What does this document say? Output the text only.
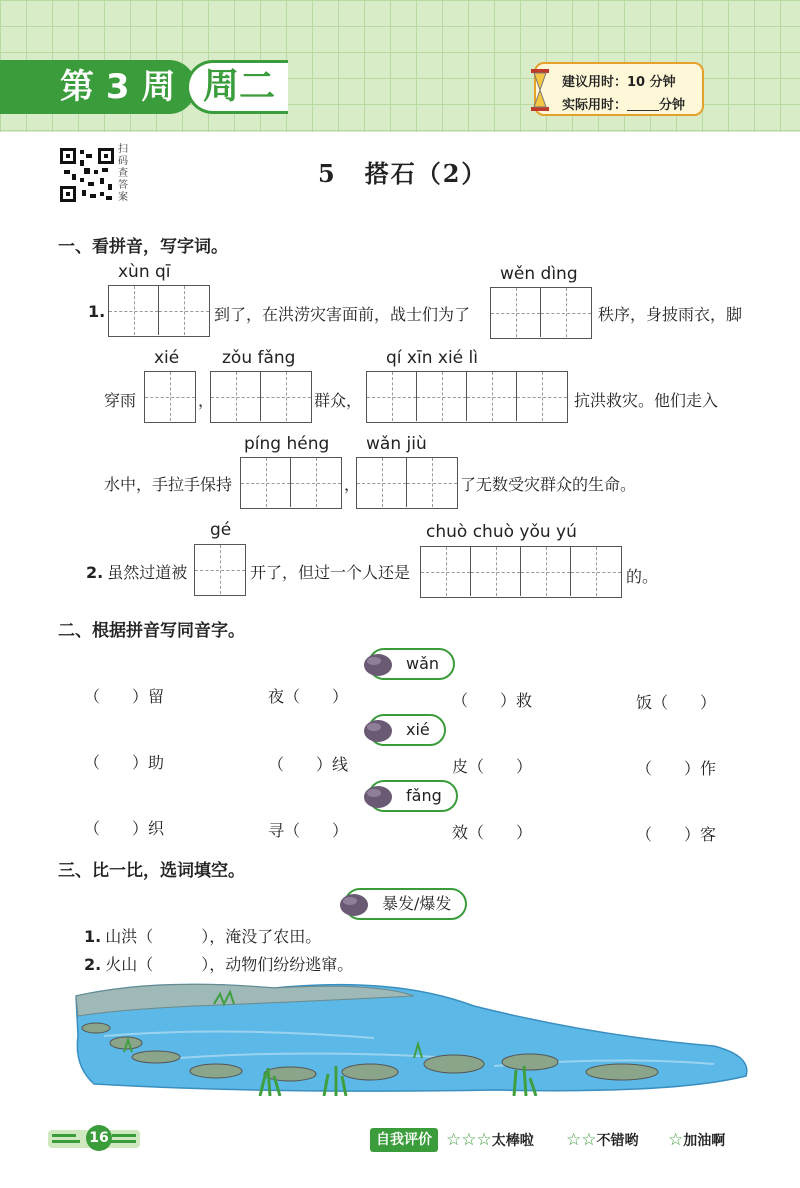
第 3 周 周二	建议用时：10 分钟
实际用时： 分钟
扫码查答案
5 搭石（2）
一、看拼音，写字词。
xùn qī
1.	到了，在洪涝灾害面前，战士们为了
wěn dìng
秩序，身披雨衣，脚
xié	zǒu fǎng	qí xīn xié lì
穿雨	，	群众，	抗洪救灾。他们走入
píng héng wǎn jiù
水中，手拉手保持	，	了无数受灾群众的生命。
gé	chuò chuò yǒu yú
2. 虽然过道被	开了，但过一个人还是	的。
二、根据拼音写同音字。
wǎn
（　　）留	夜（　　）	（　　）救	饭（　　）
xié
（　　）助	（　　）线	皮（　　）	（　　）作
fǎng
（　　）织	寻（　　）	效（　　）	（　　）客
三、比一比，选词填空。
暴发/爆发
1. 山洪（　　　），淹没了农田。
2. 火山（　　　），动物们纷纷逃窜。
16	自我评价 ☆☆☆太棒啦 ☆☆不错哟 ☆加油啊
